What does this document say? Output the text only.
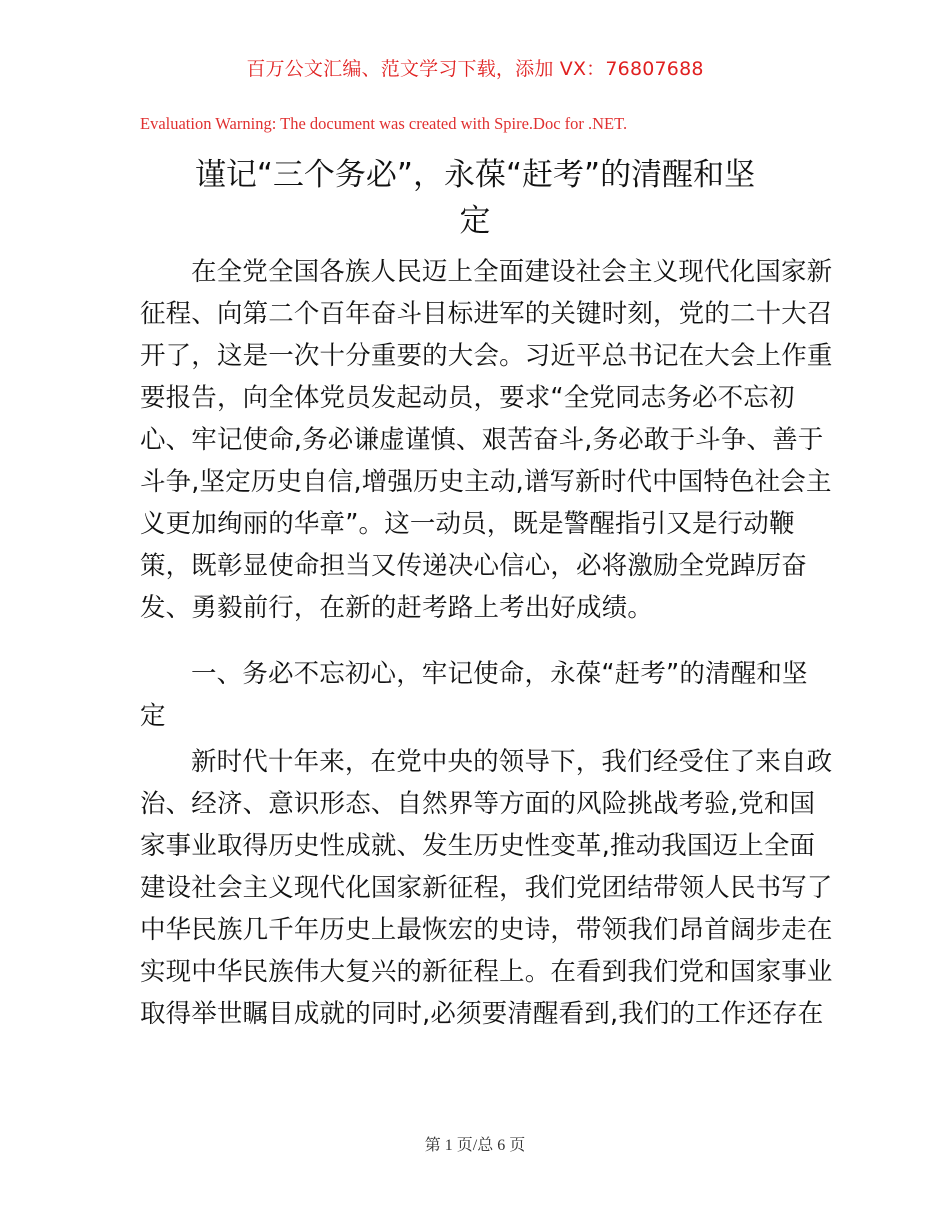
百万公文汇编、范文学习下载，添加 VX：76807688
Evaluation Warning: The document was created with Spire.Doc for .NET.
谨记“三个务必”，永葆“赶考”的清醒和坚
定
在全党全国各族人民迈上全面建设社会主义现代化国家新
征程、向第二个百年奋斗目标进军的关键时刻，党的二十大召
开了，这是一次十分重要的大会。习近平总书记在大会上作重
要报告，向全体党员发起动员，要求“全党同志务必不忘初
心、牢记使命,务必谦虚谨慎、艰苦奋斗,务必敢于斗争、善于
斗争,坚定历史自信,增强历史主动,谱写新时代中国特色社会主
义更加绚丽的华章”。这一动员，既是警醒指引又是行动鞭
策，既彰显使命担当又传递决心信心，必将激励全党踔厉奋
发、勇毅前行，在新的赶考路上考出好成绩。
一、务必不忘初心，牢记使命，永葆“赶考”的清醒和坚
定
新时代十年来，在党中央的领导下，我们经受住了来自政
治、经济、意识形态、自然界等方面的风险挑战考验,党和国
家事业取得历史性成就、发生历史性变革,推动我国迈上全面
建设社会主义现代化国家新征程，我们党团结带领人民书写了
中华民族几千年历史上最恢宏的史诗，带领我们昂首阔步走在
实现中华民族伟大复兴的新征程上。在看到我们党和国家事业
取得举世瞩目成就的同时,必须要清醒看到,我们的工作还存在
第 1 页/总 6 页
